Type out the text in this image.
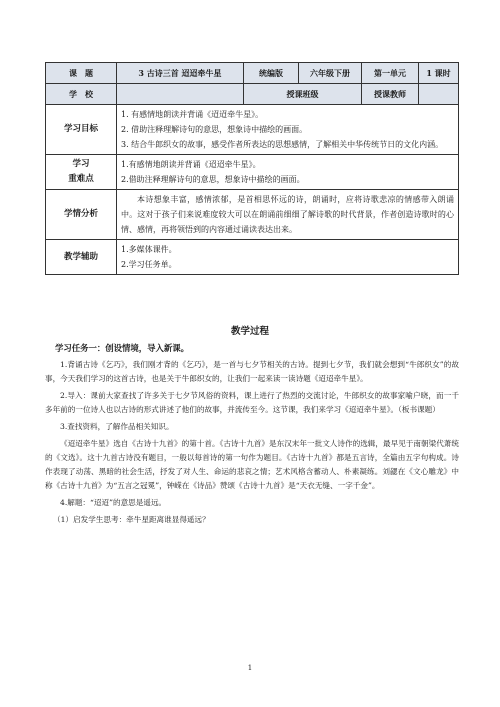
课　题	3 古诗三首 迢迢牵牛星	统编版	六年级下册	第一单元	1 课时
学　校		授课班级		授课教师	
学习目标	1. 有感情地朗读并背诵《迢迢牵牛星》。
2. 借助注释理解诗句的意思，想象诗中描绘的画面。
3. 结合牛郎织女的故事，感受作者所表达的思想感情，了解相关中华传统节日的文化内涵。				

学习
重难点	1.有感情地朗读并背诵《迢迢牵牛星》。
2.借助注释理解诗句的意思，想象诗中描绘的画面。				

学情分析	本诗想象丰富，感情浓郁，是首相思怀远的诗，朗诵时，应将诗歌悲凉的情感带入朗诵中。这对于孩子们来说难度较大可以在朗诵前细细了解诗歌的时代背景，作者创造诗歌时的心情、感情，再将领悟到的内容通过诵读表达出来。				
教学辅助	1.多媒体课件。
2.学习任务单。				
教学过程

学习任务一：创设情境，导入新课。

1.背诵古诗《乞巧》，我们刚才背的《乞巧》，是一首与七夕节相关的古诗。提到七夕节，我们就会想到“牛郎织女”的故事，今天我们学习的这首古诗，也是关于牛郎织女的，让我们一起来读一读诗题《迢迢牵牛星》。

2.导入：课前大家查找了许多关于七夕节风俗的资料，课上进行了热烈的交流讨论，牛郎织女的故事家喻户晓，而一千多年前的一位诗人也以古诗的形式讲述了他们的故事，并流传至今。这节课，我们来学习《迢迢牵牛星》。（板书课题）

3.查找资料，了解作品相关知识。

《迢迢牵牛星》选自《古诗十九首》的第十首。《古诗十九首》是东汉末年一批文人诗作的选辑，最早见于南朝梁代萧统的《文选》。这十九首古诗没有题目，一般以每首诗的第一句作为题目。《古诗十九首》都是五言诗，全篇由五字句构成。诗作表现了动荡、黑暗的社会生活，抒发了对人生、命运的悲哀之情；艺术风格含蓄动人、朴素凝练。刘勰在《文心雕龙》中称《古诗十九首》为“五言之冠冕”，钟嵘在《诗品》赞颂《古诗十九首》是“天衣无缝、一字千金”。

4.解题：“迢迢”的意思是遥远。

（1）启发学生思考：牵牛星距离谁显得遥远？

1
